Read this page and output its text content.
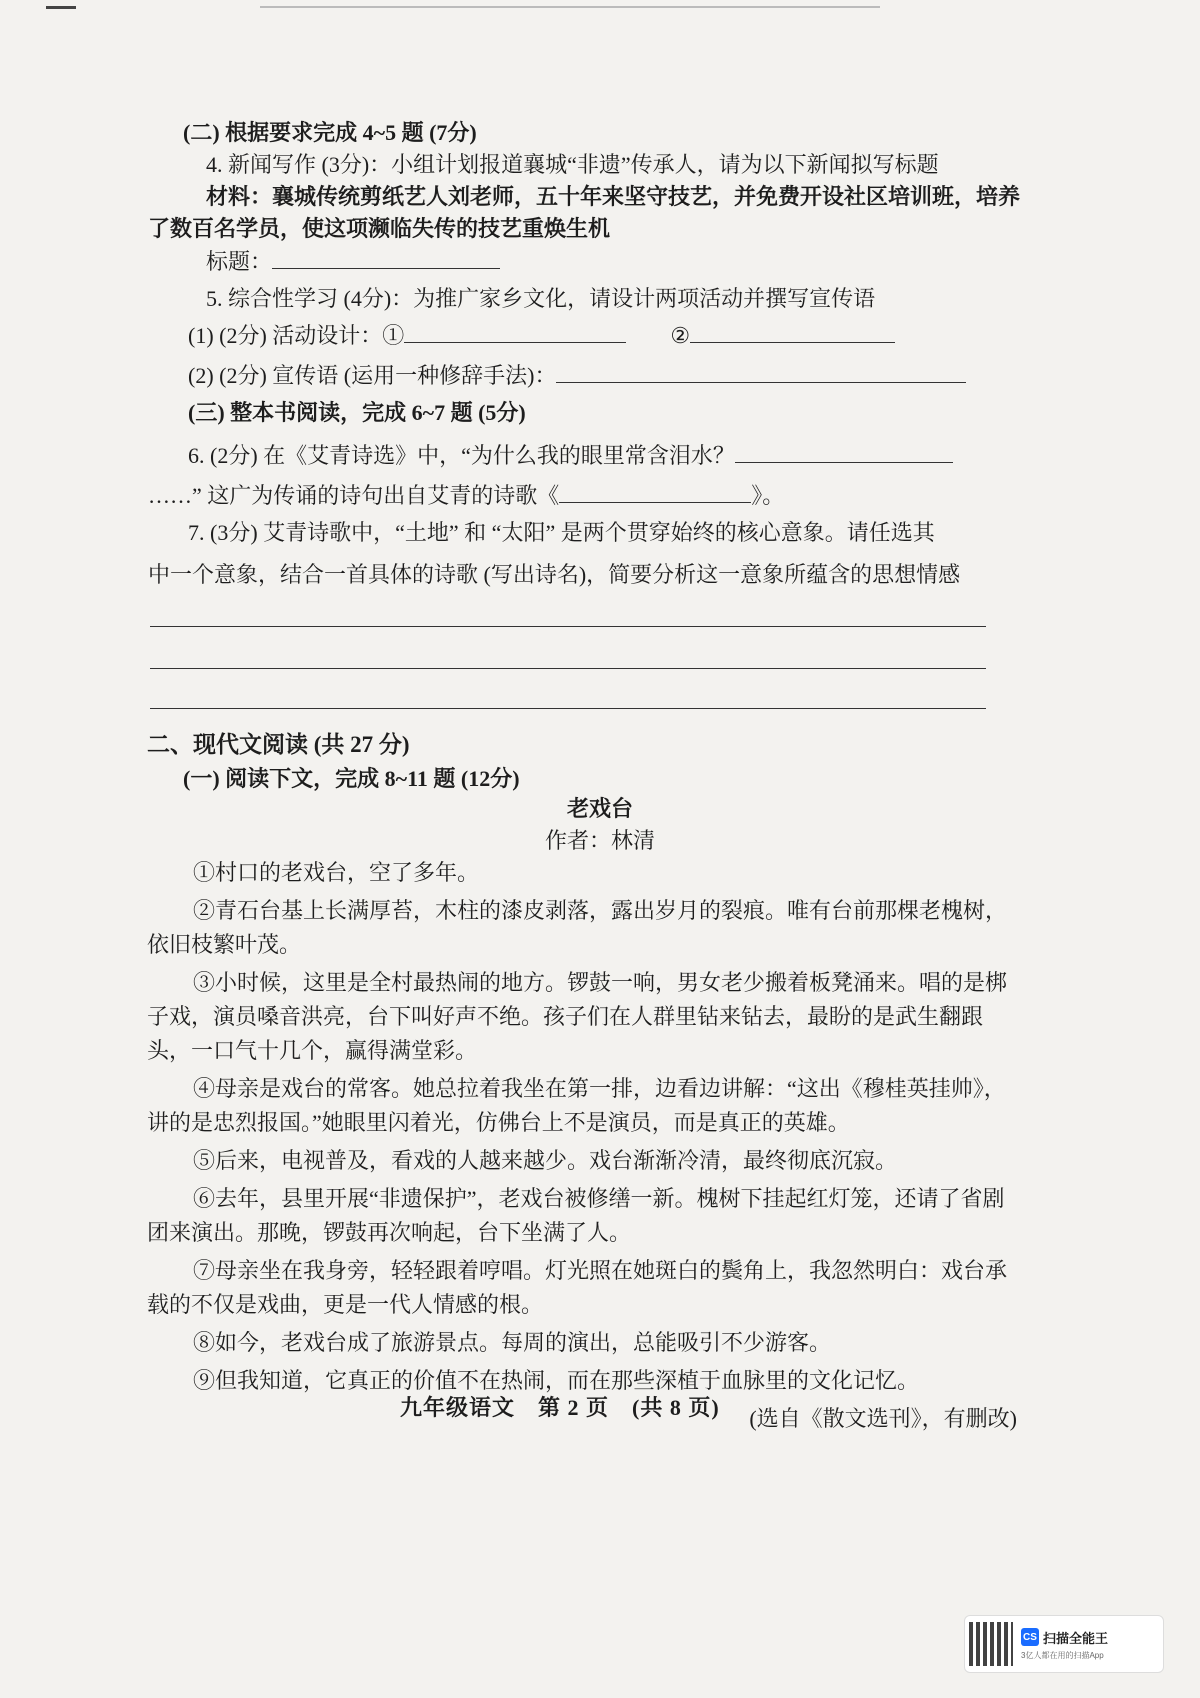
(二) 根据要求完成 4~5 题 (7分)
4. 新闻写作 (3分)：小组计划报道襄城“非遗”传承人，请为以下新闻拟写标题
材料：襄城传统剪纸艺人刘老师，五十年来坚守技艺，并免费开设社区培训班，培养
了数百名学员，使这项濒临失传的技艺重焕生机
标题：
5. 综合性学习 (4分)：为推广家乡文化，请设计两项活动并撰写宣传语
(1) (2分) 活动设计：①	②
(2) (2分) 宣传语 (运用一种修辞手法)：
(三) 整本书阅读，完成 6~7 题 (5分)
6. (2分) 在《艾青诗选》中，“为什么我的眼里常含泪水？
……” 这广为传诵的诗句出自艾青的诗歌《	》。
7. (3分) 艾青诗歌中，“土地” 和 “太阳” 是两个贯穿始终的核心意象。请任选其
中一个意象，结合一首具体的诗歌 (写出诗名)，简要分析这一意象所蕴含的思想情感
二、现代文阅读 (共 27 分)
(一) 阅读下文，完成 8~11 题 (12分)
老戏台
作者：林清
①村口的老戏台，空了多年。
②青石台基上长满厚苔，木柱的漆皮剥落，露出岁月的裂痕。唯有台前那棵老槐树，依旧枝繁叶茂。
③小时候，这里是全村最热闹的地方。锣鼓一响，男女老少搬着板凳涌来。唱的是梆子戏，演员嗓音洪亮，台下叫好声不绝。孩子们在人群里钻来钻去，最盼的是武生翻跟头，一口气十几个，赢得满堂彩。
④母亲是戏台的常客。她总拉着我坐在第一排，边看边讲解：“这出《穆桂英挂帅》，讲的是忠烈报国。”她眼里闪着光，仿佛台上不是演员，而是真正的英雄。
⑤后来，电视普及，看戏的人越来越少。戏台渐渐冷清，最终彻底沉寂。
⑥去年，县里开展“非遗保护”，老戏台被修缮一新。槐树下挂起红灯笼，还请了省剧团来演出。那晚，锣鼓再次响起，台下坐满了人。
⑦母亲坐在我身旁，轻轻跟着哼唱。灯光照在她斑白的鬓角上，我忽然明白：戏台承载的不仅是戏曲，更是一代人情感的根。
⑧如今，老戏台成了旅游景点。每周的演出，总能吸引不少游客。
⑨但我知道，它真正的价值不在热闹，而在那些深植于血脉里的文化记忆。
(选自《散文选刊》，有删改)
九年级语文　第 2 页　(共 8 页)
CS 扫描全能王
3亿人都在用的扫描App
